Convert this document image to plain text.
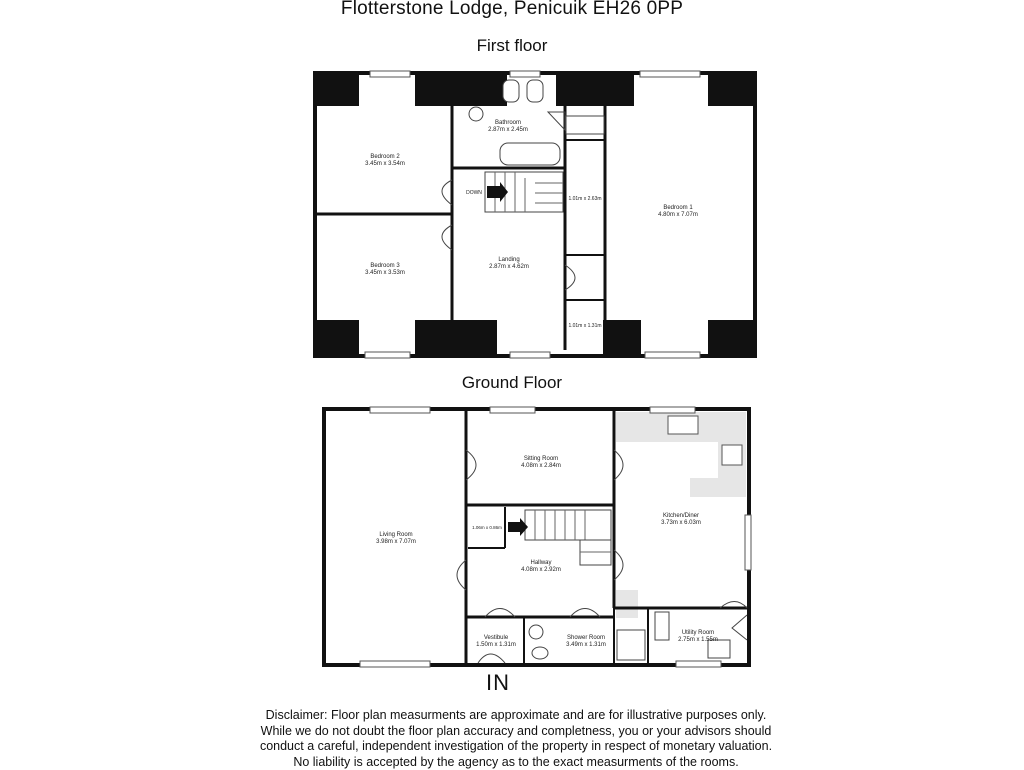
Flotterstone Lodge, Penicuik EH26 0PP
First floor
Ground Floor
Bathroom
2.87m x 2.45m
Bedroom 2
3.45m x 3.54m
Bedroom 3
3.45m x 3.53m
Bedroom 1
4.80m x 7.07m
Landing
2.87m x 4.62m
1.01m x 2.63m
1.01m x 1.31m
DOWN
Sitting Room
4.08m x 2.84m
Living Room
3.98m x 7.07m
Kitchen/Diner
3.73m x 6.03m
Hallway
4.08m x 2.92m
1.06m x 0.86m
Vestibule
1.50m x 1.31m
Shower Room
3.49m x 1.31m
Utility Room
2.75m x 1.55m
IN
Disclaimer: Floor plan measurments are approximate and are for illustrative purposes only.
While we do not doubt the floor plan accuracy and completness, you or your advisors should
conduct a careful, independent investigation of the property in respect of monetary valuation.
No liability is accepted by the agency as to the exact measurments of the rooms.
